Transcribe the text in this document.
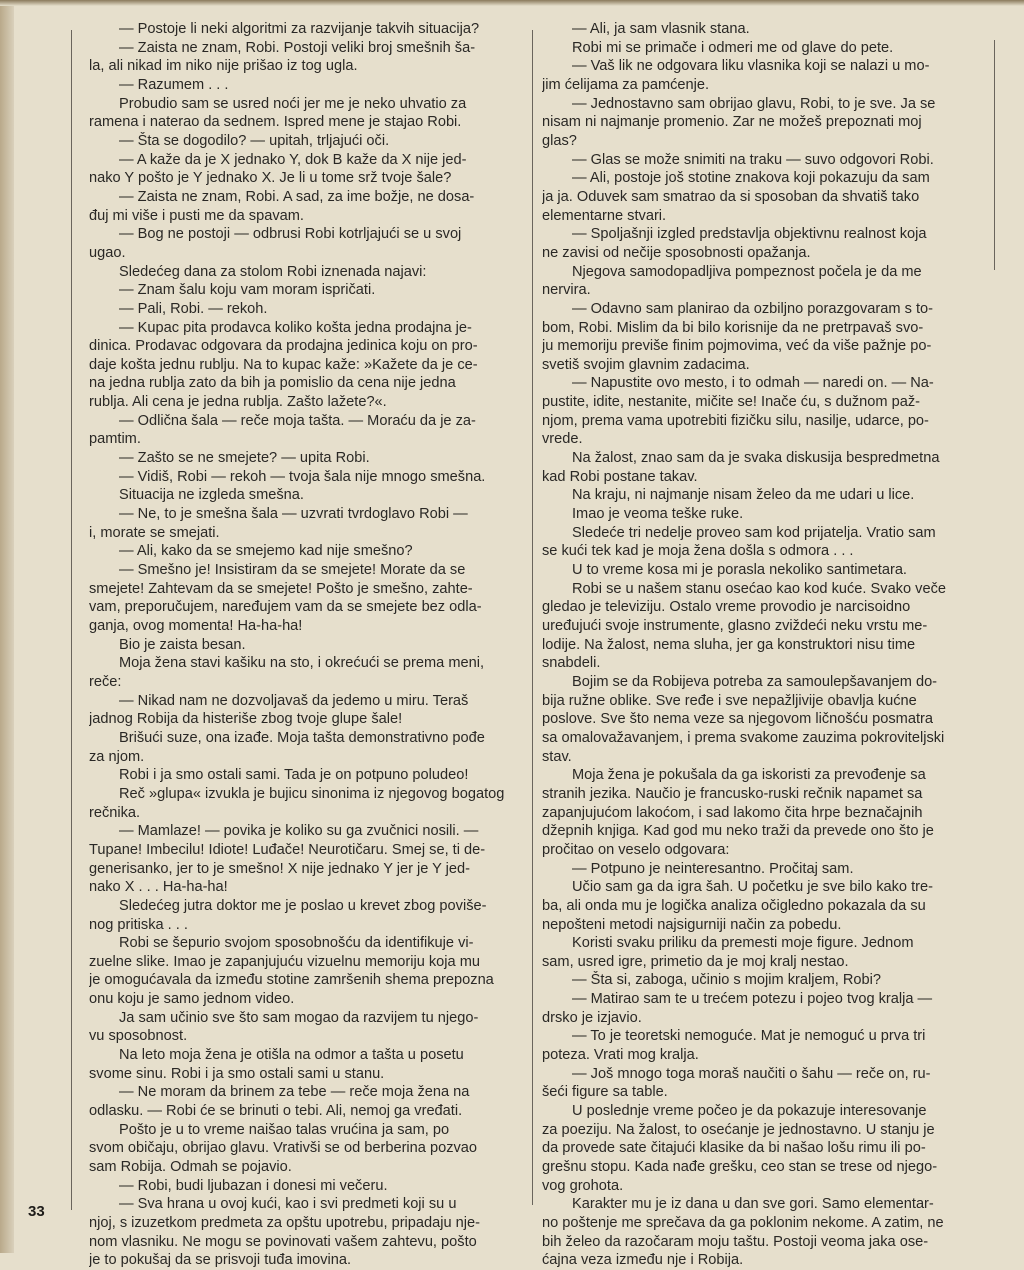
— Postoje li neki algoritmi za razvijanje takvih situacija?
— Zaista ne znam, Robi. Postoji veliki broj smešnih ša-
la, ali nikad im niko nije prišao iz tog ugla.
— Razumem . . .
Probudio sam se usred noći jer me je neko uhvatio za
ramena i naterao da sednem. Ispred mene je stajao Robi.
— Šta se dogodilo? — upitah, trljajući oči.
— A kaže da je X jednako Y, dok B kaže da X nije jed-
nako Y pošto je Y jednako X. Je li u tome srž tvoje šale?
— Zaista ne znam, Robi. A sad, za ime božje, ne dosa-
đuj mi više i pusti me da spavam.
— Bog ne postoji — odbrusi Robi kotrljajući se u svoj
ugao.
Sledećeg dana za stolom Robi iznenada najavi:
— Znam šalu koju vam moram ispričati.
— Pali, Robi. — rekoh.
— Kupac pita prodavca koliko košta jedna prodajna je-
dinica. Prodavac odgovara da prodajna jedinica koju on pro-
daje košta jednu rublju. Na to kupac kaže: »Kažete da je ce-
na jedna rublja zato da bih ja pomislio da cena nije jedna
rublja. Ali cena je jedna rublja. Zašto lažete?«.
— Odlična šala — reče moja tašta. — Moraću da je za-
pamtim.
— Zašto se ne smejete? — upita Robi.
— Vidiš, Robi — rekoh — tvoja šala nije mnogo smešna.
Situacija ne izgleda smešna.
— Ne, to je smešna šala — uzvrati tvrdoglavo Robi —
i, morate se smejati.
— Ali, kako da se smejemo kad nije smešno?
— Smešno je! Insistiram da se smejete! Morate da se
smejete! Zahtevam da se smejete! Pošto je smešno, zahte-
vam, preporučujem, naređujem vam da se smejete bez odla-
ganja, ovog momenta! Ha-ha-ha!
Bio je zaista besan.
Moja žena stavi kašiku na sto, i okrećući se prema meni,
reče:
— Nikad nam ne dozvoljavaš da jedemo u miru. Teraš
jadnog Robija da histeriše zbog tvoje glupe šale!
Brišući suze, ona izađe. Moja tašta demonstrativno pođe
za njom.
Robi i ja smo ostali sami. Tada je on potpuno poludeo!
Reč »glupa« izvukla je bujicu sinonima iz njegovog bogatog
rečnika.
— Mamlaze! — povika je koliko su ga zvučnici nosili. —
Tupane! Imbecilu! Idiote! Luđače! Neurotičaru. Smej se, ti de-
generisanko, jer to je smešno! X nije jednako Y jer je Y jed-
nako X . . . Ha-ha-ha!
Sledećeg jutra doktor me je poslao u krevet zbog poviše-
nog pritiska . . .
Robi se šepurio svojom sposobnošću da identifikuje vi-
zuelne slike. Imao je zapanjujuću vizuelnu memoriju koja mu
je omogućavala da između stotine zamršenih shema prepozna
onu koju je samo jednom video.
Ja sam učinio sve što sam mogao da razvijem tu njego-
vu sposobnost.
Na leto moja žena je otišla na odmor a tašta u posetu
svome sinu. Robi i ja smo ostali sami u stanu.
— Ne moram da brinem za tebe — reče moja žena na
odlasku. — Robi će se brinuti o tebi. Ali, nemoj ga vređati.
Pošto je u to vreme naišao talas vrućina ja sam, po
svom običaju, obrijao glavu. Vrativši se od berberina pozvao
sam Robija. Odmah se pojavio.
— Robi, budi ljubazan i donesi mi večeru.
— Sva hrana u ovoj kući, kao i svi predmeti koji su u
njoj, s izuzetkom predmeta za opštu upotrebu, pripadaju nje-
nom vlasniku. Ne mogu se povinovati vašem zahtevu, pošto
je to pokušaj da se prisvoji tuđa imovina.
— Ali, ja sam vlasnik stana.
Robi mi se primače i odmeri me od glave do pete.
— Vaš lik ne odgovara liku vlasnika koji se nalazi u mo-
jim ćelijama za pamćenje.
— Jednostavno sam obrijao glavu, Robi, to je sve. Ja se
nisam ni najmanje promenio. Zar ne možeš prepoznati moj
glas?
— Glas se može snimiti na traku — suvo odgovori Robi.
— Ali, postoje još stotine znakova koji pokazuju da sam
ja ja. Oduvek sam smatrao da si sposoban da shvatiš tako
elementarne stvari.
— Spoljašnji izgled predstavlja objektivnu realnost koja
ne zavisi od nečije sposobnosti opažanja.
Njegova samodopadljiva pompeznost počela je da me
nervira.
— Odavno sam planirao da ozbiljno porazgovaram s to-
bom, Robi. Mislim da bi bilo korisnije da ne pretrpavaš svo-
ju memoriju previše finim pojmovima, već da više pažnje po-
svetiš svojim glavnim zadacima.
— Napustite ovo mesto, i to odmah — naredi on. — Na-
pustite, idite, nestanite, mičite se! Inače ću, s dužnom paž-
njom, prema vama upotrebiti fizičku silu, nasilje, udarce, po-
vrede.
Na žalost, znao sam da je svaka diskusija bespredmetna
kad Robi postane takav.
Na kraju, ni najmanje nisam želeo da me udari u lice.
Imao je veoma teške ruke.
Sledeće tri nedelje proveo sam kod prijatelja. Vratio sam
se kući tek kad je moja žena došla s odmora . . .
U to vreme kosa mi je porasla nekoliko santimetara.
Robi se u našem stanu osećao kao kod kuće. Svako veče
gledao je televiziju. Ostalo vreme provodio je narcisoidno
uređujući svoje instrumente, glasno zviždeći neku vrstu me-
lodije. Na žalost, nema sluha, jer ga konstruktori nisu time
snabdeli.
Bojim se da Robijeva potreba za samoulepšavanjem do-
bija ružne oblike. Sve ređe i sve nepažljivije obavlja kućne
poslove. Sve što nema veze sa njegovom ličnošću posmatra
sa omalovažavanjem, i prema svakome zauzima pokroviteljski
stav.
Moja žena je pokušala da ga iskoristi za prevođenje sa
stranih jezika. Naučio je francusko-ruski rečnik napamet sa
zapanjujućom lakoćom, i sad lakomo čita hrpe beznačajnih
džepnih knjiga. Kad god mu neko traži da prevede ono što je
pročitao on veselo odgovara:
— Potpuno je neinteresantno. Pročitaj sam.
Učio sam ga da igra šah. U početku je sve bilo kako tre-
ba, ali onda mu je logička analiza očigledno pokazala da su
nepošteni metodi najsigurniji način za pobedu.
Koristi svaku priliku da premesti moje figure. Jednom
sam, usred igre, primetio da je moj kralj nestao.
— Šta si, zaboga, učinio s mojim kraljem, Robi?
— Matirao sam te u trećem potezu i pojeo tvog kralja —
drsko je izjavio.
— To je teoretski nemoguće. Mat je nemoguć u prva tri
poteza. Vrati mog kralja.
— Još mnogo toga moraš naučiti o šahu — reče on, ru-
šeći figure sa table.
U poslednje vreme počeo je da pokazuje interesovanje
za poeziju. Na žalost, to osećanje je jednostavno. U stanju je
da provede sate čitajući klasike da bi našao lošu rimu ili po-
grešnu stopu. Kada nađe grešku, ceo stan se trese od njego-
vog grohota.
Karakter mu je iz dana u dan sve gori. Samo elementar-
no poštenje me sprečava da ga poklonim nekome. A zatim, ne
bih želeo da razočaram moju taštu. Postoji veoma jaka ose-
ćajna veza između nje i Robija.
33
